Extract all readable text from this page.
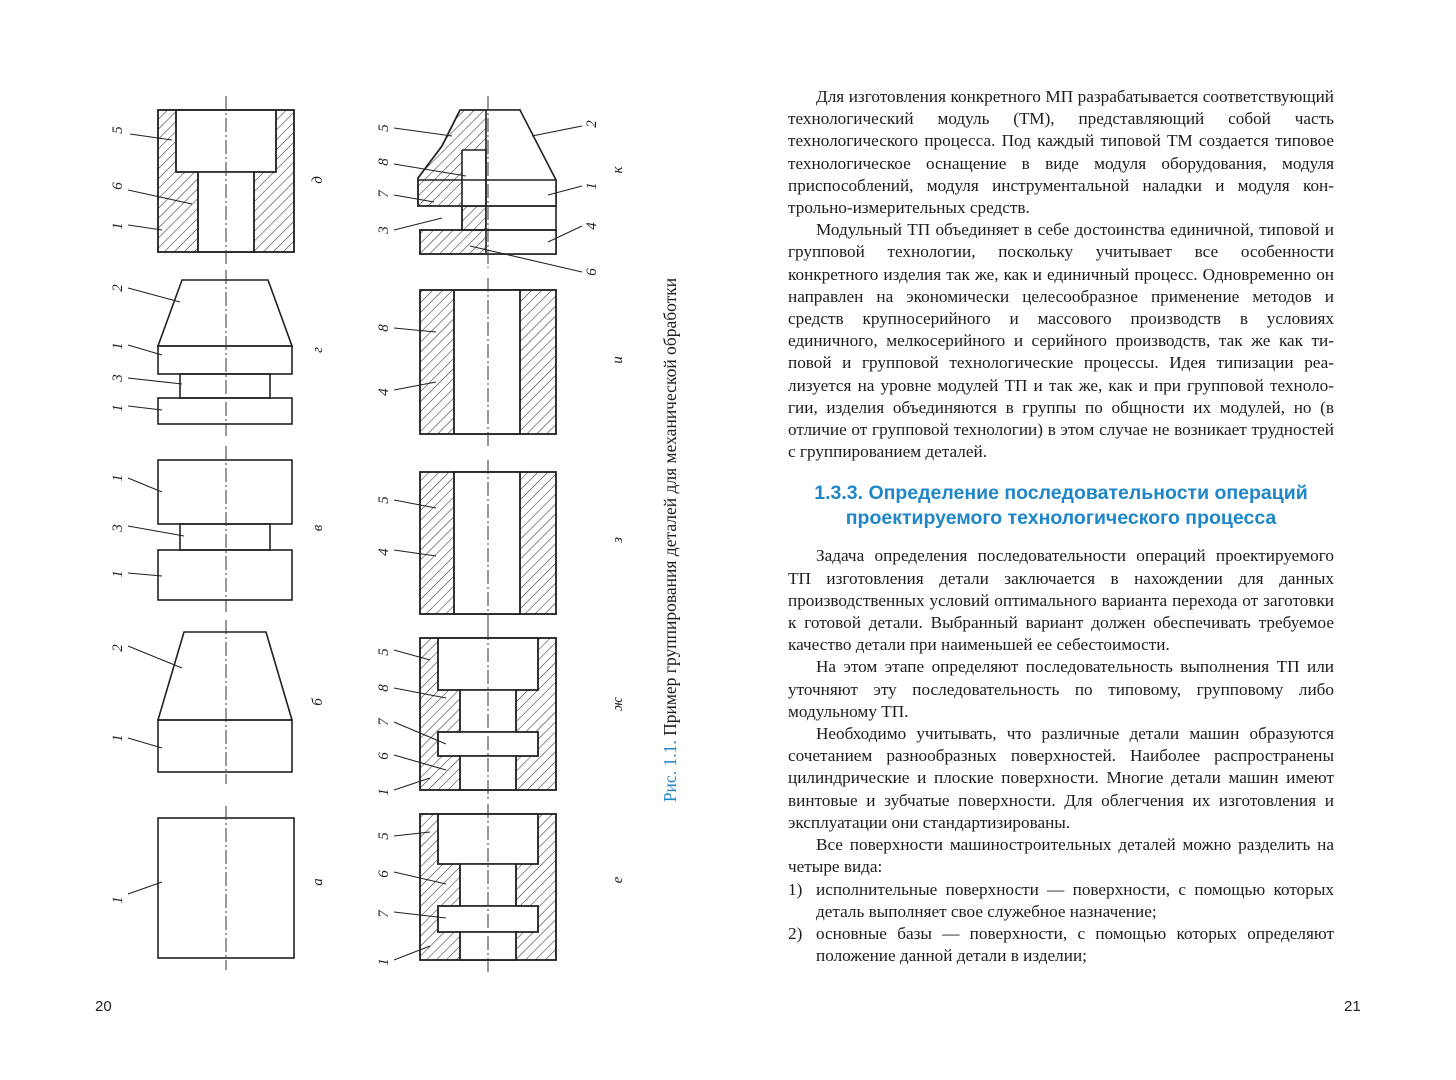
5
6
1
2
1
3
1
1
3
1
2
1
1
5
8
7
3
2
1
4
6
8
4
5
4
5
8
7
6
1
5
6
7
1
д
г
в
б
а
к
и
з
ж
е
Рис. 1.1. Пример группирования деталей для механической обработки
20

Для изготовления конкретного МП разрабатывается соответствующий технологический модуль (ТМ), представляющий собой часть технологического процесса. Под каждый типовой ТМ создается типовое технологическое оснащение в виде модуля оборудования, модуля приспособлений, модуля инструментальной наладки и модуля контрольно-измерительных средств.

Модульный ТП объединяет в себе достоинства единичной, типовой и групповой технологии, поскольку учитывает все особенности конкретного изделия так же, как и единичный процесс. Одновременно он направлен на экономически целесообразное применение методов и средств крупносерийного и массового производств в условиях единичного, мелкосерийного и серийного производств, так же как типовой и групповой технологические процессы. Идея типизации реализуется на уровне модулей ТП и так же, как и при групповой технологии, изделия объединяются в группы по общности их модулей, но (в отличие от групповой технологии) в этом случае не возникает трудностей с группированием деталей.

1.3.3. Определение последовательности операций
проектируемого технологического процесса

Задача определения последовательности операций проектируемого ТП изготовления детали заключается в нахождении для данных производственных условий оптимального варианта перехода от заготовки к готовой детали. Выбранный вариант должен обеспечивать требуемое качество детали при наименьшей ее себестоимости.

На этом этапе определяют последовательность выполнения ТП или уточняют эту последовательность по типовому, групповому либо модульному ТП.

Необходимо учитывать, что различные детали машин образуются сочетанием разнообразных поверхностей. Наиболее распространены цилиндрические и плоские поверхности. Многие детали машин имеют винтовые и зубчатые поверхности. Для облегчения их изготовления и эксплуатации они стандартизированы.

Все поверхности машиностроительных деталей можно разделить на четыре вида:

1) исполнительные поверхности — поверхности, с помощью которых деталь выполняет свое служебное назначение;
2) основные базы — поверхности, с помощью которых определяют положение данной детали в изделии;
21
